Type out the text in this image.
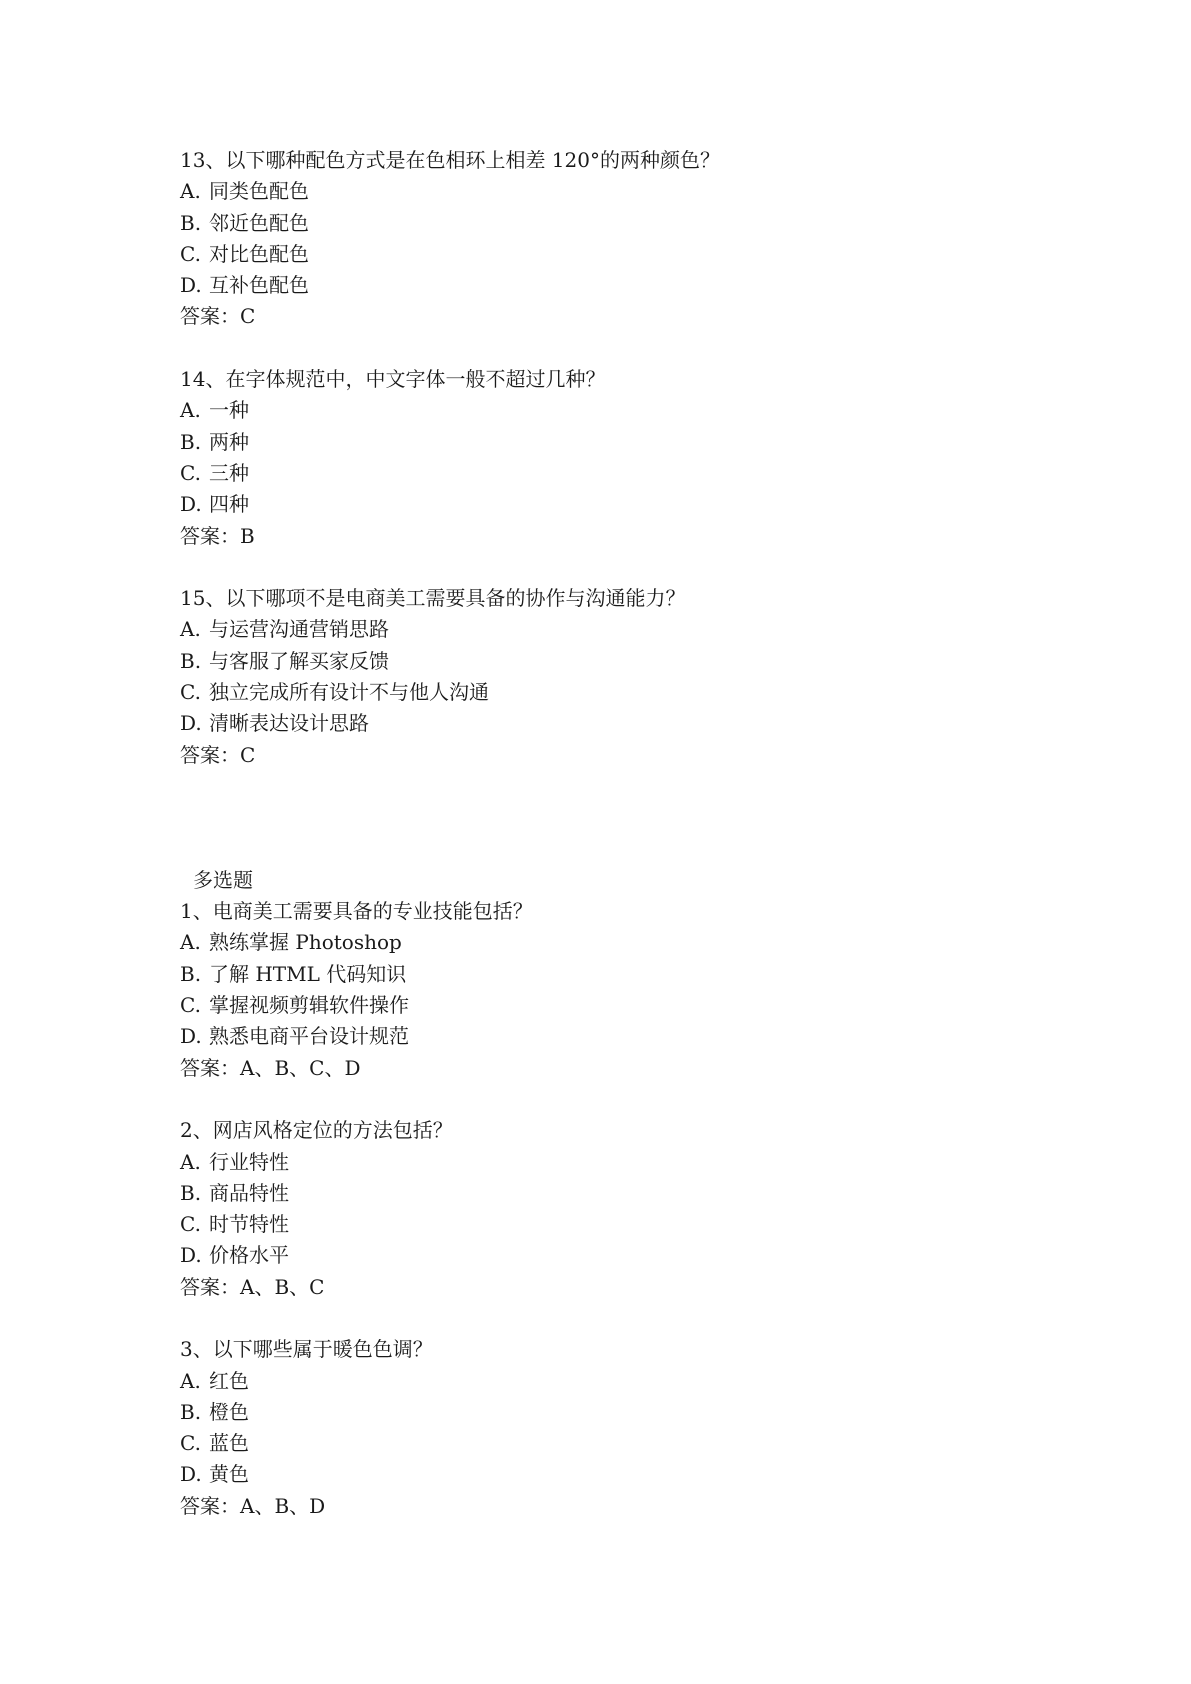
13、以下哪种配色方式是在色相环上相差 120°的两种颜色？
A. 同类色配色
B. 邻近色配色
C. 对比色配色
D. 互补色配色
答案：C
14、在字体规范中，中文字体一般不超过几种？
A. 一种
B. 两种
C. 三种
D. 四种
答案：B
15、以下哪项不是电商美工需要具备的协作与沟通能力？
A. 与运营沟通营销思路
B. 与客服了解买家反馈
C. 独立完成所有设计不与他人沟通
D. 清晰表达设计思路
答案：C
多选题
1、电商美工需要具备的专业技能包括？
A. 熟练掌握 Photoshop
B. 了解 HTML 代码知识
C. 掌握视频剪辑软件操作
D. 熟悉电商平台设计规范
答案：A、B、C、D
2、网店风格定位的方法包括？
A. 行业特性
B. 商品特性
C. 时节特性
D. 价格水平
答案：A、B、C
3、以下哪些属于暖色色调？
A. 红色
B. 橙色
C. 蓝色
D. 黄色
答案：A、B、D
